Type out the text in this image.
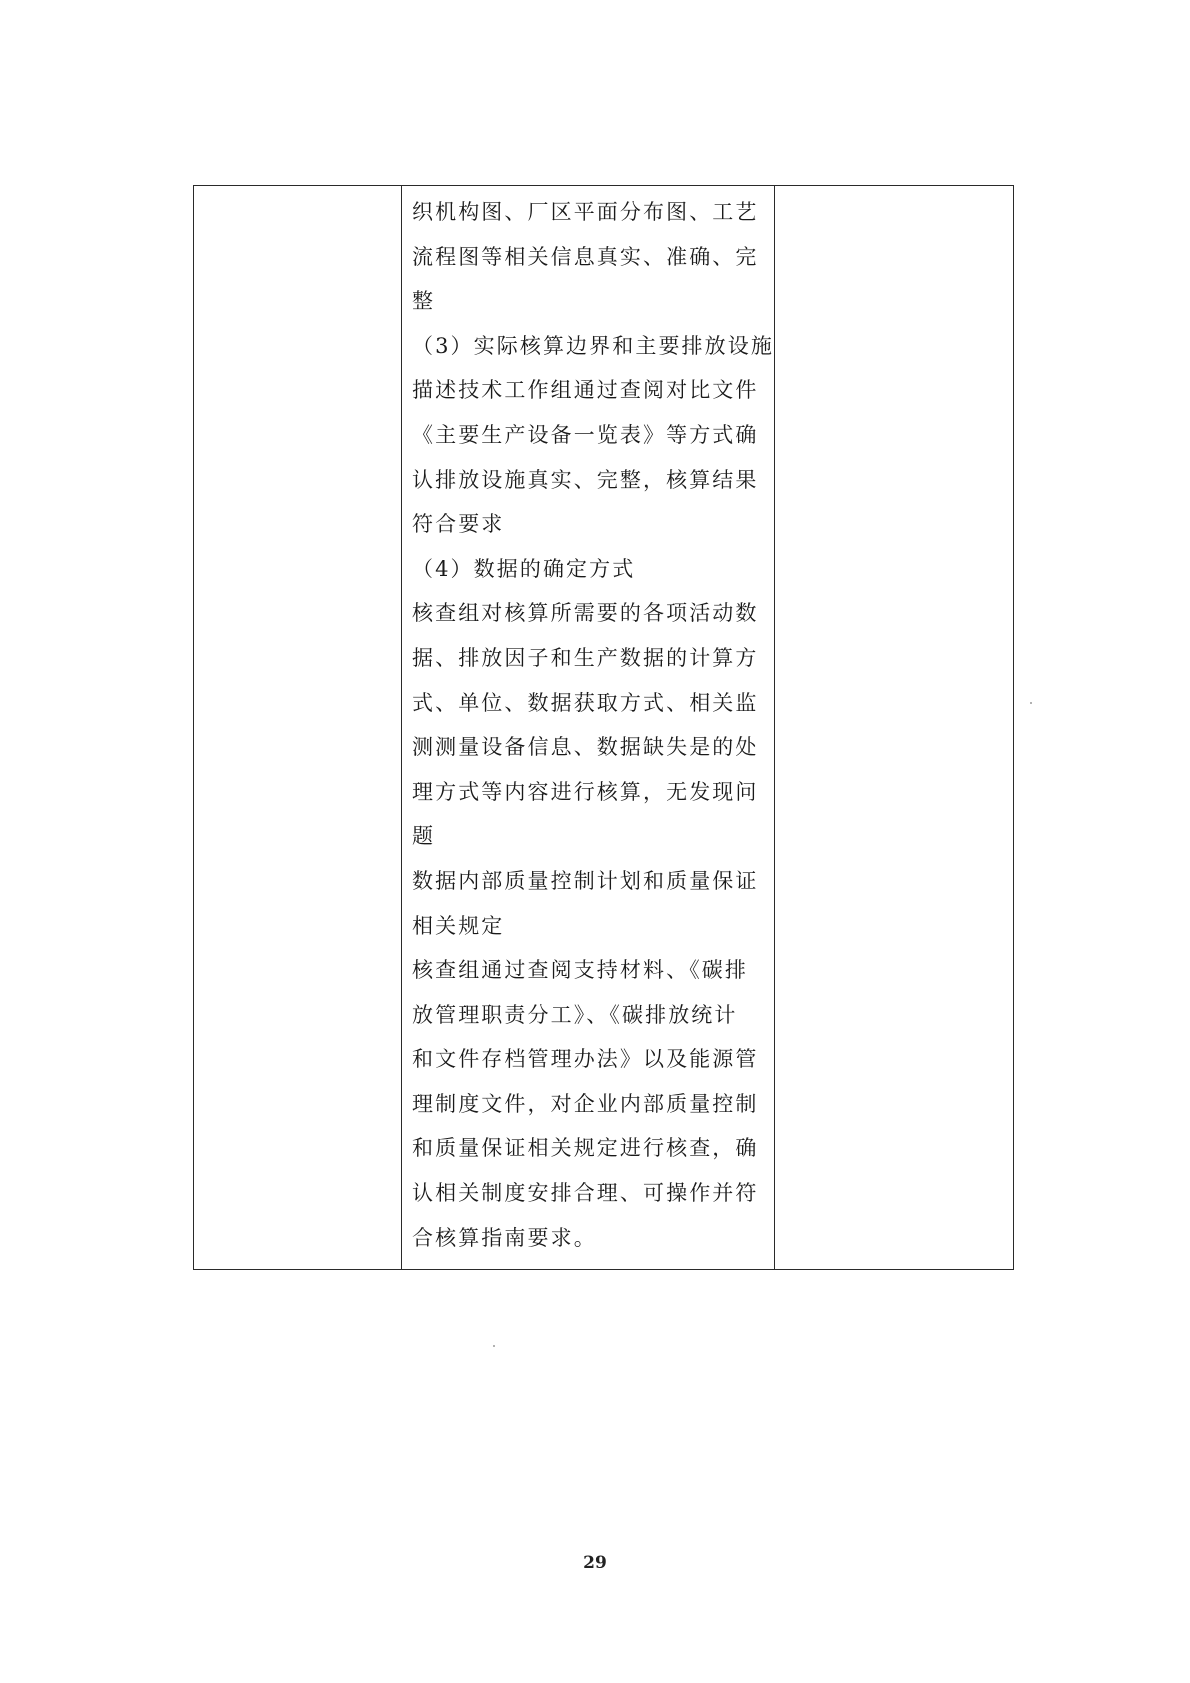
织机构图、厂区平面分布图、工艺
流程图等相关信息真实、准确、完
整
（3）实际核算边界和主要排放设施
描述技术工作组通过查阅对比文件
《主要生产设备一览表》等方式确
认排放设施真实、完整，核算结果
符合要求
（4）数据的确定方式
核查组对核算所需要的各项活动数
据、排放因子和生产数据的计算方
式、单位、数据获取方式、相关监
测测量设备信息、数据缺失是的处
理方式等内容进行核算，无发现问
题
数据内部质量控制计划和质量保证
相关规定
核查组通过查阅支持材料、《碳排
放管理职责分工》、《碳排放统计
和文件存档管理办法》以及能源管
理制度文件，对企业内部质量控制
和质量保证相关规定进行核查，确
认相关制度安排合理、可操作并符
合核算指南要求。

29
